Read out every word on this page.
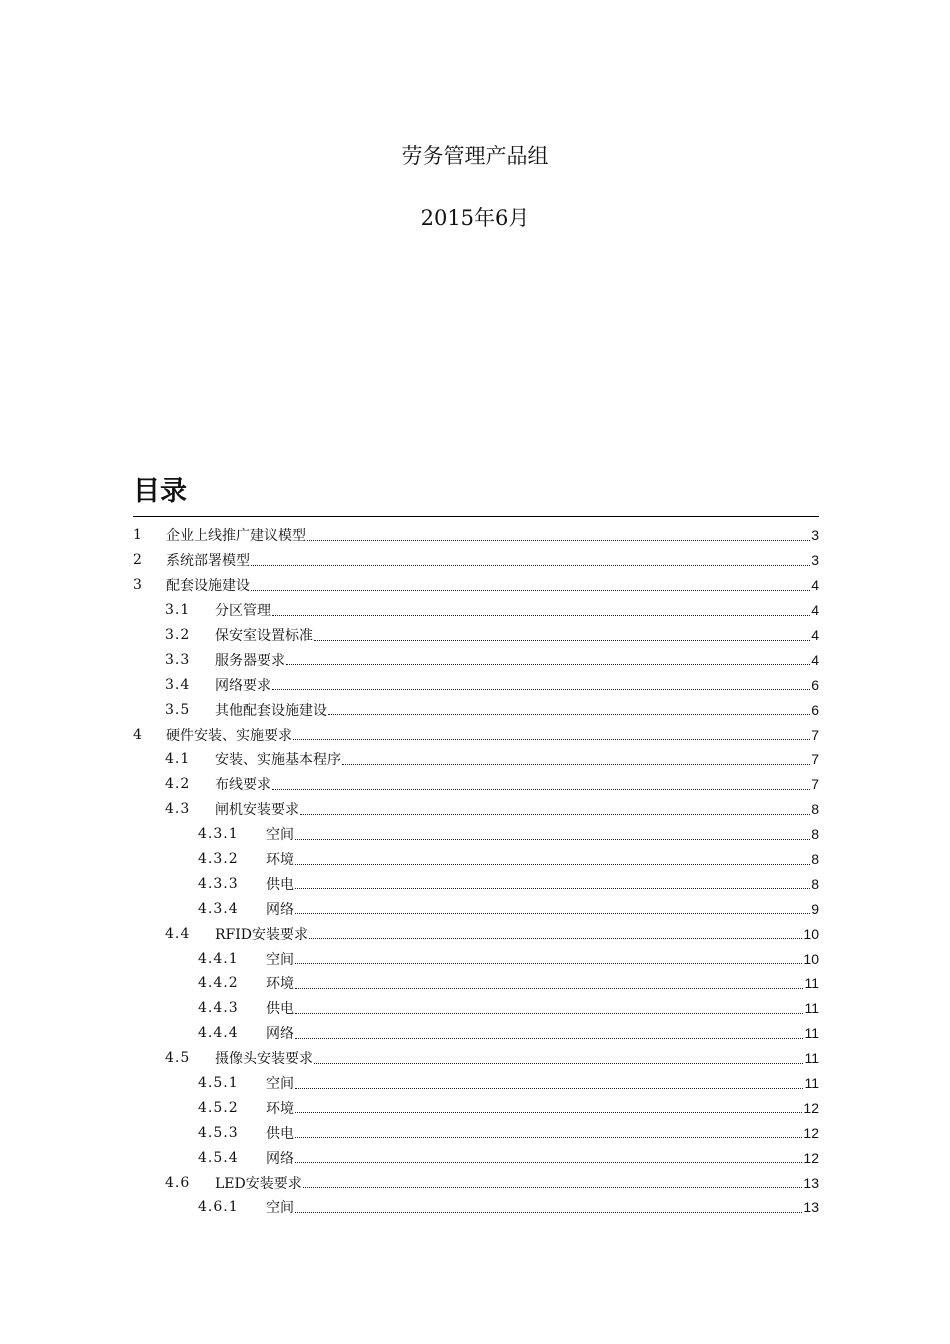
劳务管理产品组
2015年6月
目录
1	企业上线推广建议模型	3
2	系统部署模型	3
3	配套设施建设	4
3.1	分区管理	4
3.2	保安室设置标准	4
3.3	服务器要求	4
3.4	网络要求	6
3.5	其他配套设施建设	6
4	硬件安装、实施要求	7
4.1	安装、实施基本程序	7
4.2	布线要求	7
4.3	闸机安装要求	8
4.3.1	空间	8
4.3.2	环境	8
4.3.3	供电	8
4.3.4	网络	9
4.4	RFID安装要求	10
4.4.1	空间	10
4.4.2	环境	11
4.4.3	供电	11
4.4.4	网络	11
4.5	摄像头安装要求	11
4.5.1	空间	11
4.5.2	环境	12
4.5.3	供电	12
4.5.4	网络	12
4.6	LED安装要求	13
4.6.1	空间	13
